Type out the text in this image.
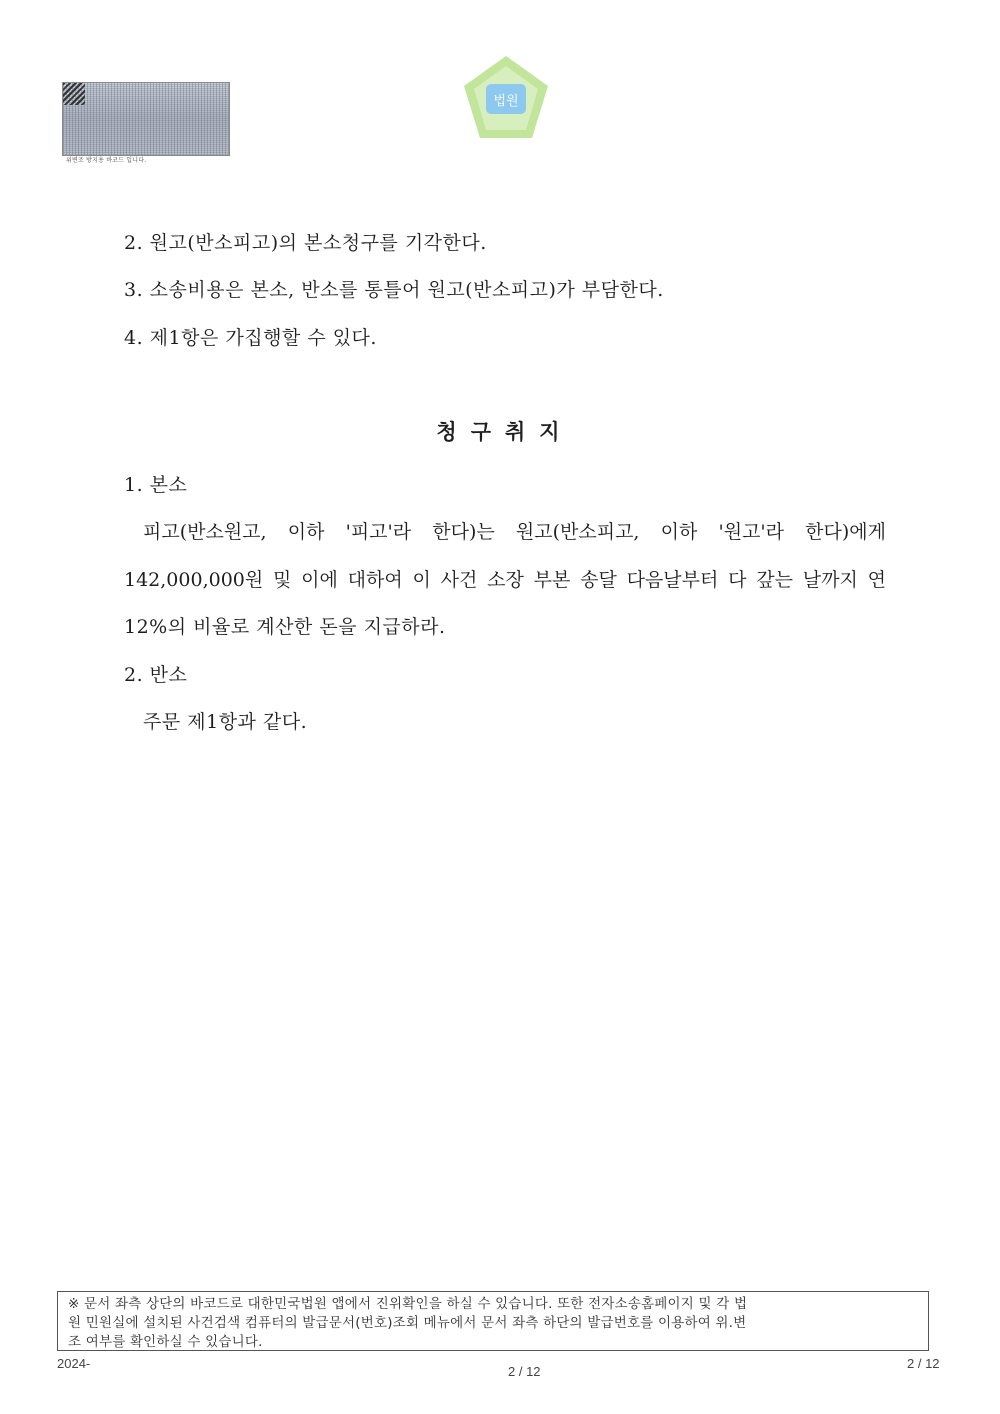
위변조 방지용 바코드 입니다.
법원
2. 원고(반소피고)의 본소청구를 기각한다.
3. 소송비용은 본소, 반소를 통틀어 원고(반소피고)가 부담한다.
4. 제1항은 가집행할 수 있다.
청구취지
1. 본소
피고(반소원고, 이하 '피고'라 한다)는 원고(반소피고, 이하 '원고'라 한다)에게
142,000,000원 및 이에 대하여 이 사건 소장 부본 송달 다음날부터 다 갚는 날까지 연
12%의 비율로 계산한 돈을 지급하라.
2. 반소
주문 제1항과 같다.
※ 문서 좌측 상단의 바코드로 대한민국법원 앱에서 진위확인을 하실 수 있습니다. 또한 전자소송홈페이지 및 각 법
원 민원실에 설치된 사건검색 컴퓨터의 발급문서(번호)조회 메뉴에서 문서 좌측 하단의 발급번호를 이용하여 위.변
조 여부를 확인하실 수 있습니다.
2024-
2 / 12
2 / 12
